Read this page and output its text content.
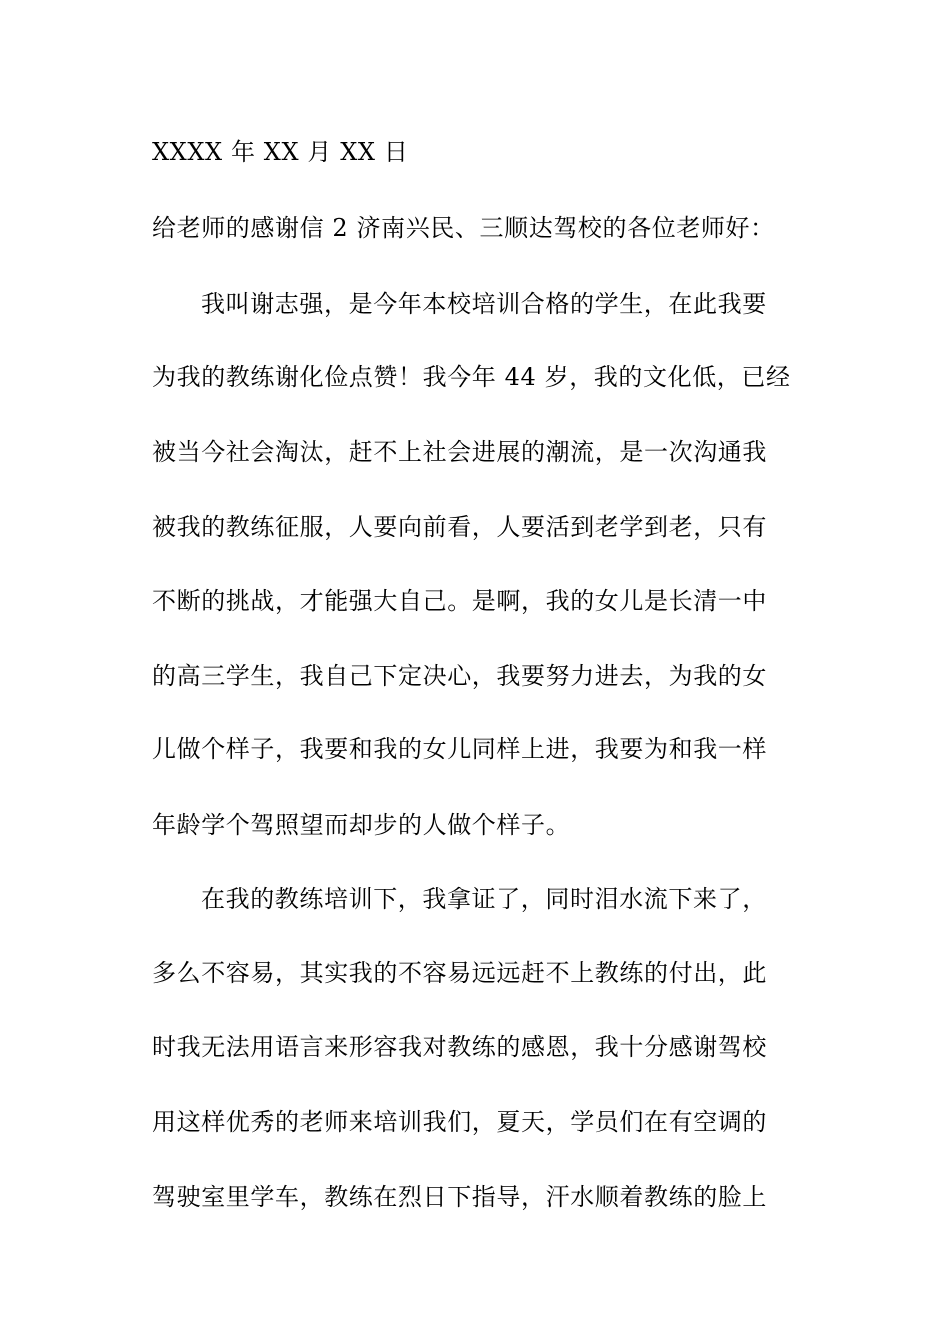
XXXX 年 XX 月 XX 日
给老师的感谢信 2 济南兴民、三顺达驾校的各位老师好：
我叫谢志强，是今年本校培训合格的学生，在此我要
为我的教练谢化俭点赞！我今年 44 岁，我的文化低，已经
被当今社会淘汰，赶不上社会进展的潮流，是一次沟通我
被我的教练征服，人要向前看，人要活到老学到老，只有
不断的挑战，才能强大自己。是啊，我的女儿是长清一中
的高三学生，我自己下定决心，我要努力进去，为我的女
儿做个样子，我要和我的女儿同样上进，我要为和我一样
年龄学个驾照望而却步的人做个样子。
在我的教练培训下，我拿证了，同时泪水流下来了，
多么不容易，其实我的不容易远远赶不上教练的付出，此
时我无法用语言来形容我对教练的感恩，我十分感谢驾校
用这样优秀的老师来培训我们，夏天，学员们在有空调的
驾驶室里学车，教练在烈日下指导，汗水顺着教练的脸上
